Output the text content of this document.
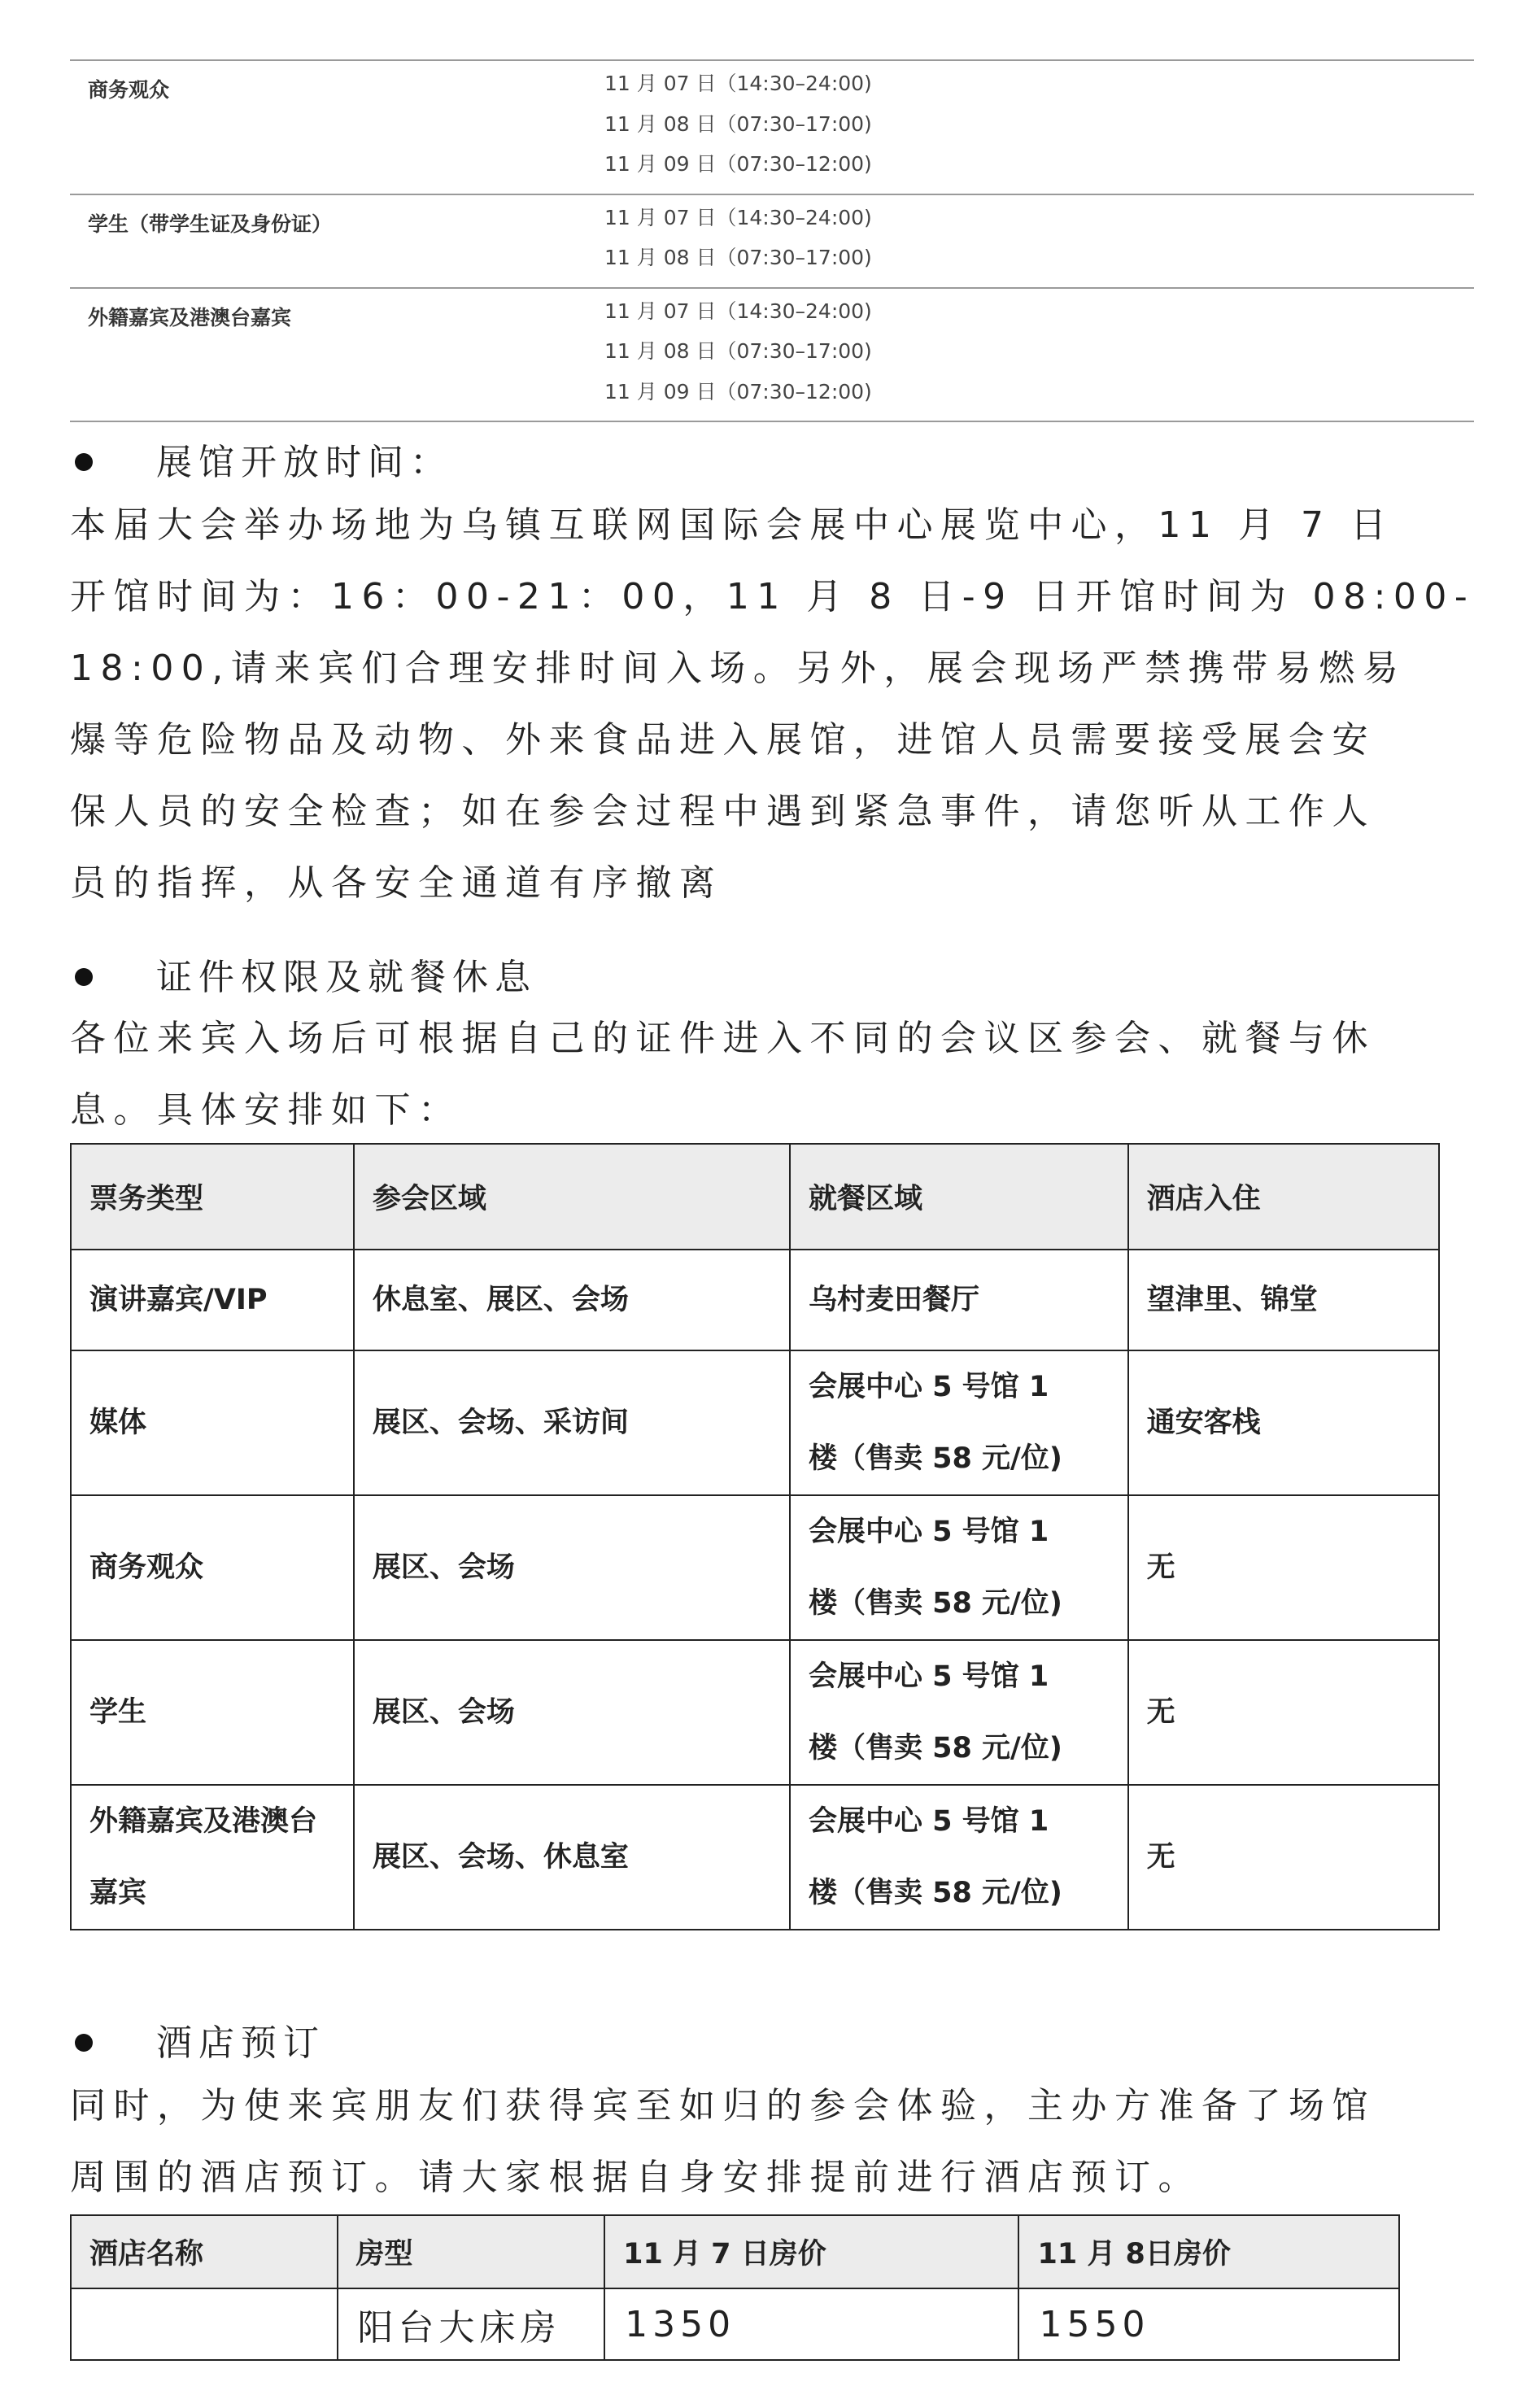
商务观众	11 月 07 日（14:30–24:00)
11 月 08 日（07:30–17:00)
11 月 09 日（07:30–12:00)
学生（带学生证及身份证）	11 月 07 日（14:30–24:00)
11 月 08 日（07:30–17:00)
外籍嘉宾及港澳台嘉宾	11 月 07 日（14:30–24:00)
11 月 08 日（07:30–17:00)
11 月 09 日（07:30–12:00)
展馆开放时间：

本届大会举办场地为乌镇互联网国际会展中心展览中心，11 月 7 日

开馆时间为：16：00-21：00，11 月 8 日-9 日开馆时间为 08:00-

18:00,请来宾们合理安排时间入场。另外，展会现场严禁携带易燃易

爆等危险物品及动物、外来食品进入展馆，进馆人员需要接受展会安

保人员的安全检查；如在参会过程中遇到紧急事件，请您听从工作人

员的指挥，从各安全通道有序撤离

证件权限及就餐休息

各位来宾入场后可根据自己的证件进入不同的会议区参会、就餐与休

息。具体安排如下：

票务类型	参会区域	就餐区域	酒店入住

演讲嘉宾/VIP	休息室、展区、会场	乌村麦田餐厅	望津里、锦堂

媒体	展区、会场、采访间	会展中心 5 号馆 1
楼（售卖 58 元/位)	通安客栈

商务观众	展区、会场	会展中心 5 号馆 1
楼（售卖 58 元/位)	无

学生	展区、会场	会展中心 5 号馆 1
楼（售卖 58 元/位)	无

外籍嘉宾及港澳台
嘉宾	展区、会场、休息室	会展中心 5 号馆 1
楼（售卖 58 元/位)	无
酒店预订

同时，为使来宾朋友们获得宾至如归的参会体验，主办方准备了场馆

周围的酒店预订。请大家根据自身安排提前进行酒店预订。

酒店名称	房型	11 月 7 日房价	11 月 8日房价
	阳台大床房	1350	1550
